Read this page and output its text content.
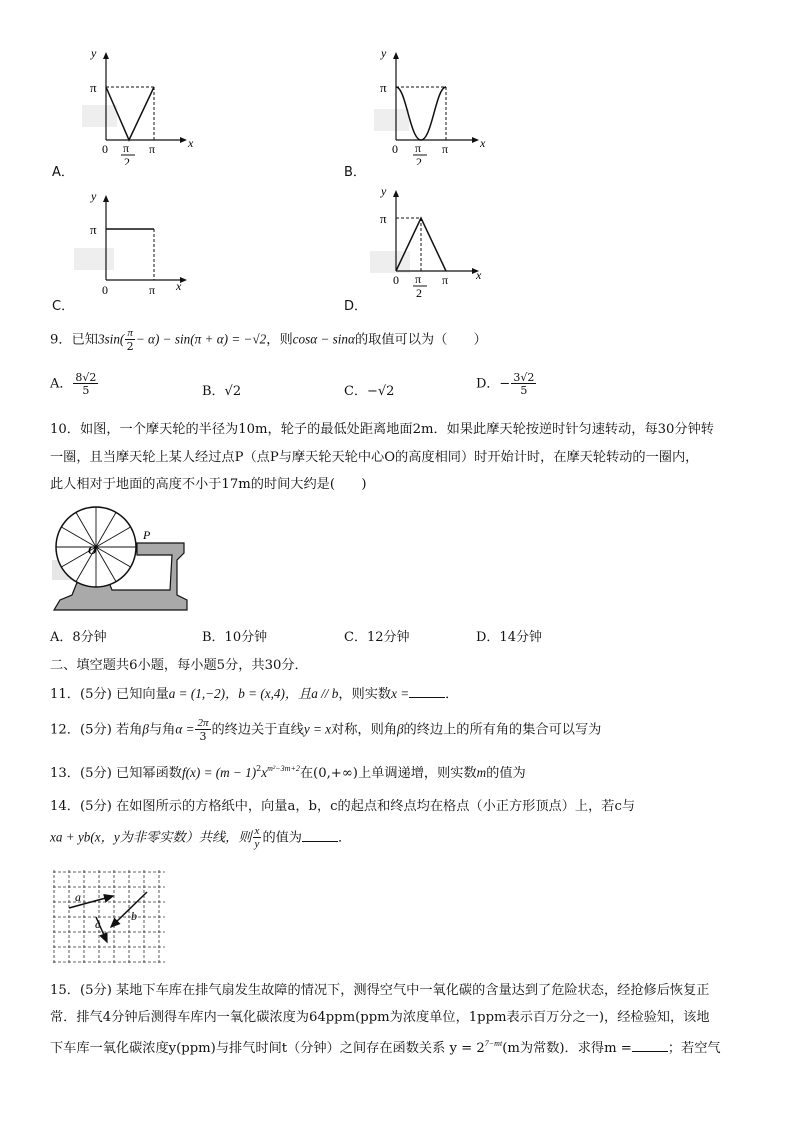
y
x
π
0 π
2
π
A．
y
x
π
0 π
2
π
B．
y
x
π
0	π
C．
y
x
π
0 π
2
π
D．
9．已知$3\sin( \frac{\pi}{2} - \alpha) - \sin(\pi + \alpha) = -√2$，则cosα − sinα的取值可以为（　　）
A． $\frac{8√2}{5}$	B．√2	C．−√2	D．− $\frac{3√2}{5}$
10．如图，一个摩天轮的半径为10m，轮子的最低处距离地面2m．如果此摩天轮按逆时针匀速转动，每30分钟转
一圈，且当摩天轮上某人经过点P（点P与摩天轮天轮中心O的高度相同）时开始计时，在摩天轮转动的一圈内，
此人相对于地面的高度不小于17m的时间大约是(　　)
O
P
A．8分钟	B．10分钟	C．12分钟	D．14分钟
二、填空题共6小题，每小题5分，共30分．
11．(5分) 已知向量a = (1,−2)，b = (x,4)，且a // b，则实数x =	．
12．(5分) 若角β与角$\alpha = \frac{2\pi}{3}$ 的终边关于直线y = x对称，则角β的终边上的所有角的集合可以写为
13．(5分) 已知幂函数$f(x) = (m - 1)^2x^{m^2-3m+2}$在(0,+∞)上单调递增，则实数m的值为
14．(5分) 在如图所示的方格纸中，向量a，b，c的起点和终点均在格点（小正方形顶点）上，若c与
xa + yb(x，y为非零实数）共线，则 $\frac{x}{y}$ 的值为	．
a
b
c
15．(5分) 某地下车库在排气扇发生故障的情况下，测得空气中一氧化碳的含量达到了危险状态，经抢修后恢复正
常．排气4分钟后测得车库内一氧化碳浓度为64ppm(ppm为浓度单位，1ppm表示百万分之一)，经检验知，该地
下车库一氧化碳浓度y(ppm)与排气时间t（分钟）之间存在函数关系 $y = 2^{7-mt}(m$为常数)．求得m =	；若空气
